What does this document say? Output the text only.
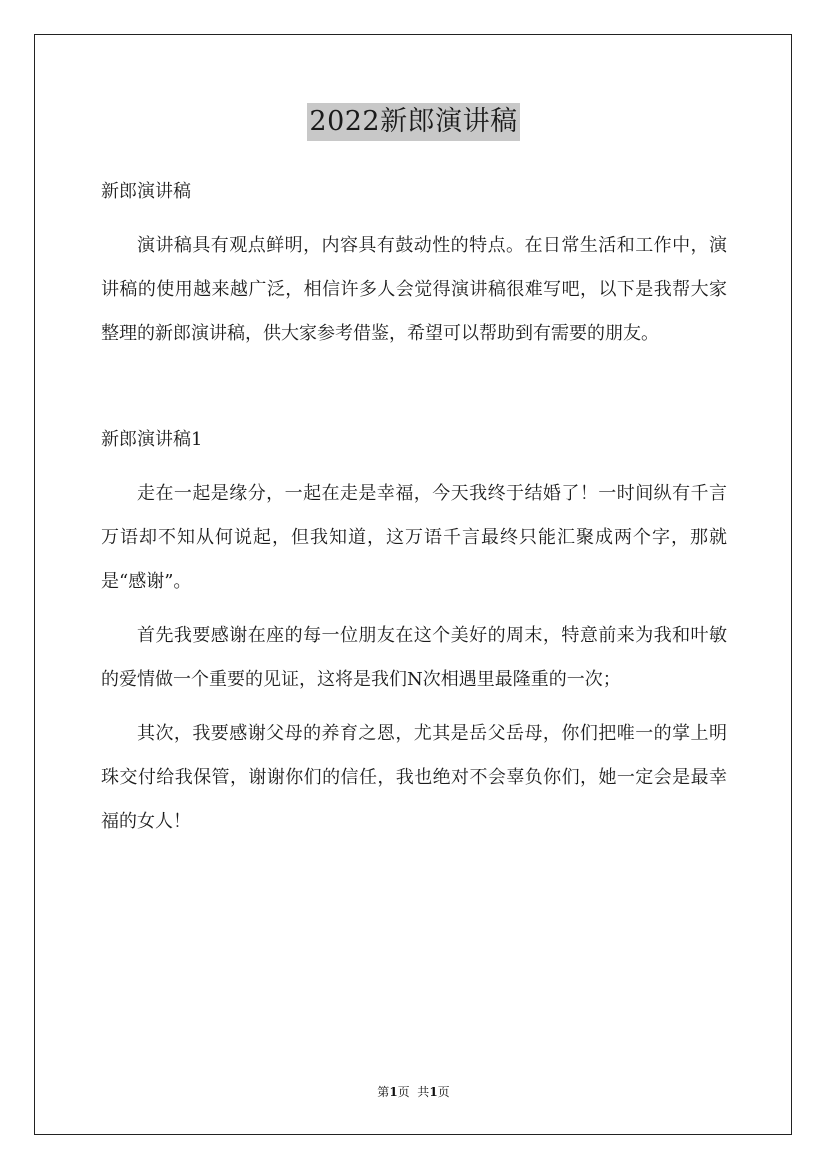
2022新郎演讲稿

新郎演讲稿

演讲稿具有观点鲜明，内容具有鼓动性的特点。在日常生活和工作中，演讲稿的使用越来越广泛，相信许多人会觉得演讲稿很难写吧，以下是我帮大家整理的新郎演讲稿，供大家参考借鉴，希望可以帮助到有需要的朋友。

新郎演讲稿1

走在一起是缘分，一起在走是幸福，今天我终于结婚了！一时间纵有千言万语却不知从何说起，但我知道，这万语千言最终只能汇聚成两个字，那就是“感谢”。

首先我要感谢在座的每一位朋友在这个美好的周末，特意前来为我和叶敏的爱情做一个重要的见证，这将是我们N次相遇里最隆重的一次；

其次，我要感谢父母的养育之恩，尤其是岳父岳母，你们把唯一的掌上明珠交付给我保管，谢谢你们的信任，我也绝对不会辜负你们，她一定会是最幸福的女人！

第1页  共1页
